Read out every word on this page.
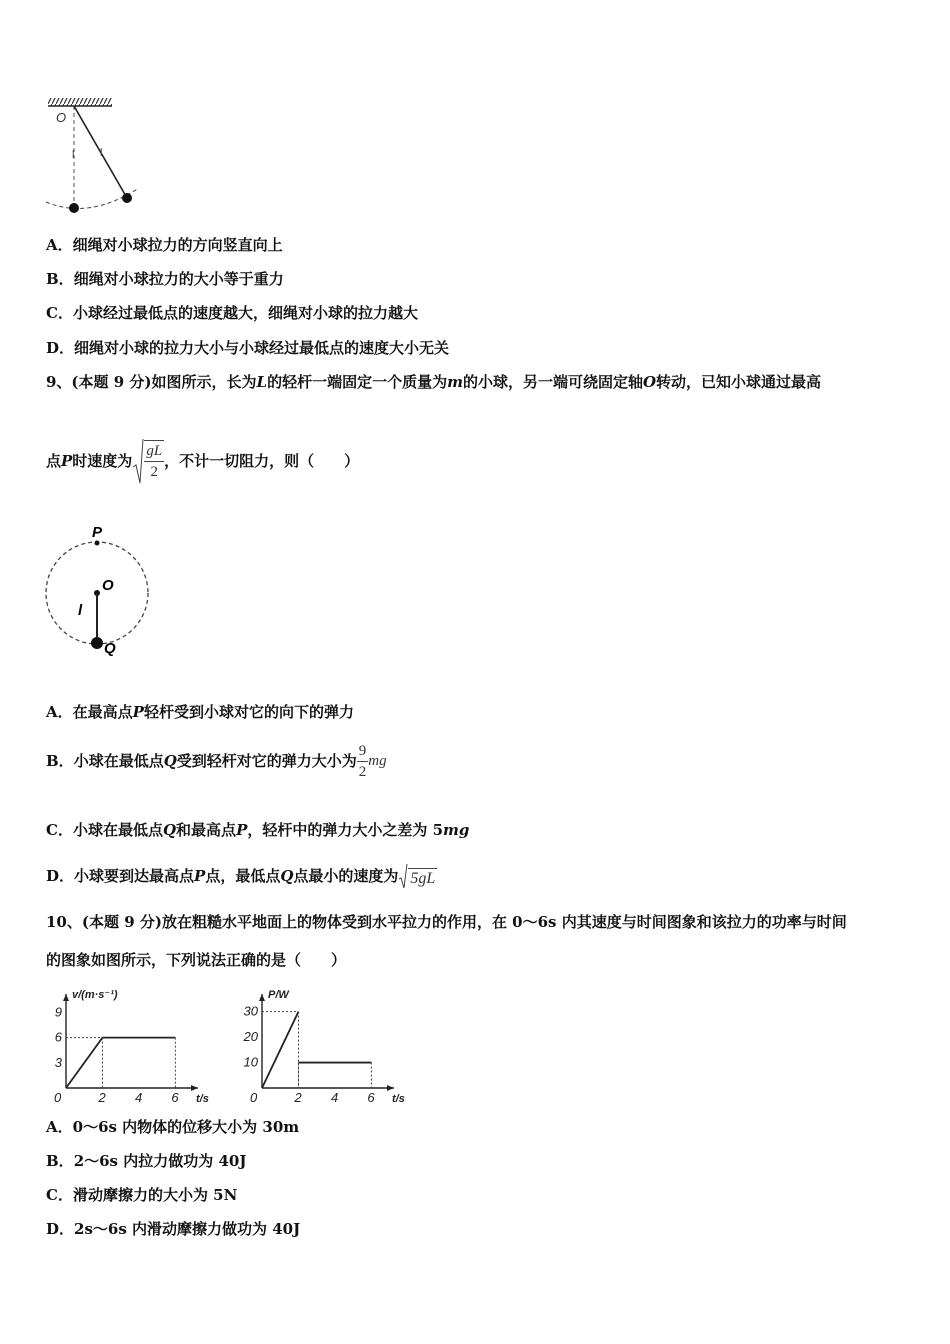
O
l l
A．细绳对小球拉力的方向竖直向上
B．细绳对小球拉力的大小等于重力
C．小球经过最低点的速度越大，细绳对小球的拉力越大
D．细绳对小球的拉力大小与小球经过最低点的速度大小无关
9、(本题 9 分)如图所示，长为L的轻杆一端固定一个质量为m的小球，另一端可绕固定轴O转动，已知小球通过最高
点 P 时速度为 $\frac{gL}{2}$ ，不计一切阻力，则（　　）
P
O
l
Q
A．在最高点P轻杆受到小球对它的向下的弹力
B． 小球在最低点 Q 受到轻杆对它的弹力大小为 $\frac{9}{2}$ mg
C．小球在最低点Q和最高点P，轻杆中的弹力大小之差为 5mg
D． 小球要到达最高点 P 点，最低点 Q 点最小的速度为 5gL
10、(本题 9 分)放在粗糙水平地面上的物体受到水平拉力的作用，在 0～6s 内其速度与时间图象和该拉力的功率与时间
的图象如图所示，下列说法正确的是（　　）
0	2 4 6
3
6
9
t/s
v/(m·s⁻¹)
0	2 4 6
10
20
30
t/s
P/W
A．0～6s 内物体的位移大小为 30m
B．2～6s 内拉力做功为 40J
C．滑动摩擦力的大小为 5N
D．2s～6s 内滑动摩擦力做功为 40J
